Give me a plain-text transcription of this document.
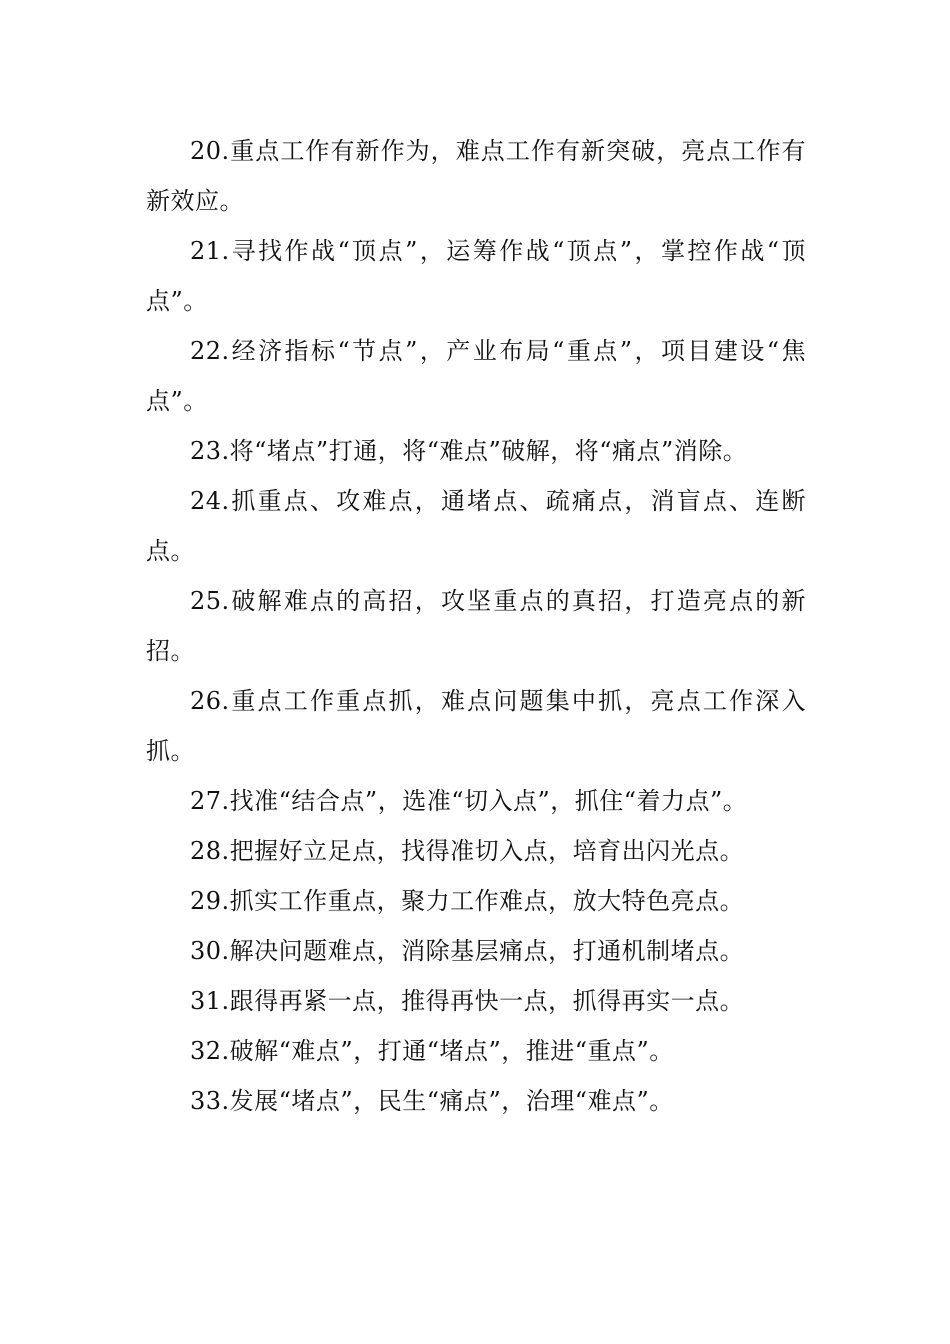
20.重点工作有新作为，难点工作有新突破，亮点工作有新效应。

21.寻找作战“顶点”，运筹作战“顶点”，掌控作战“顶点”。

22.经济指标“节点”，产业布局“重点”，项目建设“焦点”。

23.将“堵点”打通，将“难点”破解，将“痛点”消除。

24.抓重点、攻难点，通堵点、疏痛点，消盲点、连断点。

25.破解难点的高招，攻坚重点的真招，打造亮点的新招。

26.重点工作重点抓，难点问题集中抓，亮点工作深入抓。

27.找准“结合点”，选准“切入点”，抓住“着力点”。

28.把握好立足点，找得准切入点，培育出闪光点。

29.抓实工作重点，聚力工作难点，放大特色亮点。

30.解决问题难点，消除基层痛点，打通机制堵点。

31.跟得再紧一点，推得再快一点，抓得再实一点。

32.破解“难点”，打通“堵点”，推进“重点”。

33.发展“堵点”，民生“痛点”，治理“难点”。
